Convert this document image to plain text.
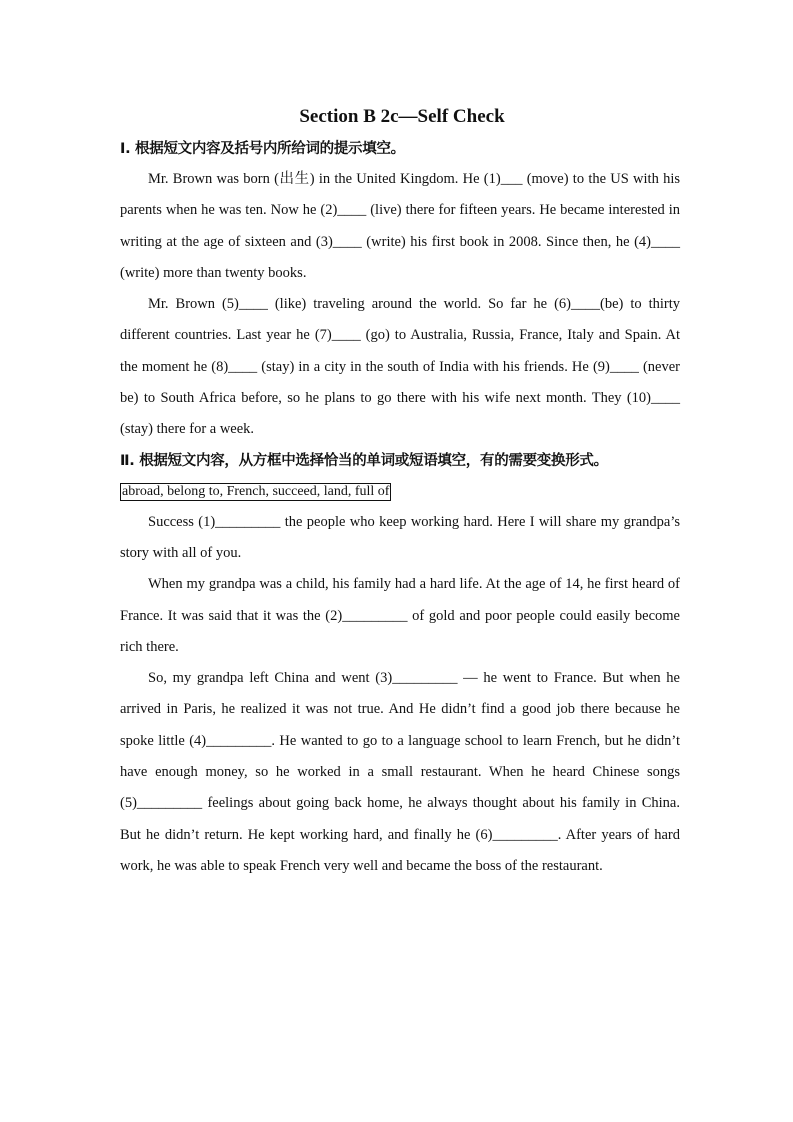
Section B 2c—Self Check
Ⅰ. 根据短文内容及括号内所给词的提示填空。

Mr. Brown was born (出生) in the United Kingdom. He (1)___ (move) to the US with his parents when he was ten. Now he (2)____ (live) there for fifteen years. He became interested in writing at the age of sixteen and (3)____ (write) his first book in 2008. Since then, he (4)____ (write) more than twenty books.

Mr. Brown (5)____ (like) traveling around the world. So far he (6)____(be) to thirty different countries. Last year he (7)____ (go) to Australia, Russia, France, Italy and Spain. At the moment he (8)____ (stay) in a city in the south of India with his friends. He (9)____ (never be) to South Africa before, so he plans to go there with his wife next month. They (10)____ (stay) there for a week.

Ⅱ. 根据短文内容，从方框中选择恰当的单词或短语填空，有的需要变换形式。
abroad, belong to, French, succeed, land, full of

Success (1)_________ the people who keep working hard. Here I will share my grandpa’s story with all of you.

When my grandpa was a child, his family had a hard life. At the age of 14, he first heard of France. It was said that it was the (2)_________ of gold and poor people could easily become rich there.

So, my grandpa left China and went (3)_________ — he went to France. But when he arrived in Paris, he realized it was not true. And He didn’t find a good job there because he spoke little (4)_________. He wanted to go to a language school to learn French, but he didn’t have enough money, so he worked in a small restaurant. When he heard Chinese songs (5)_________ feelings about going back home, he always thought about his family in China. But he didn’t return. He kept working hard, and finally he (6)_________. After years of hard work, he was able to speak French very well and became the boss of the restaurant.
